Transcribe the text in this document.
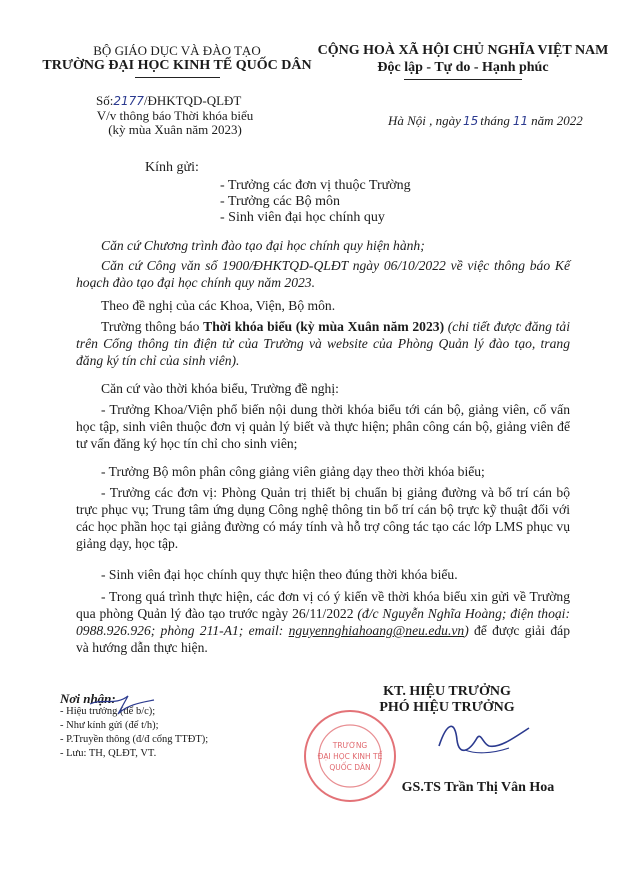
BỘ GIÁO DỤC VÀ ĐÀO TẠO
TRƯỜNG ĐẠI HỌC KINH TẾ QUỐC DÂN
Số:2177/ĐHKTQD-QLĐT
V/v thông báo Thời khóa biểu
(kỳ mùa Xuân năm 2023)
CỘNG HOÀ XÃ HỘI CHỦ NGHĨA VIỆT NAM
Độc lập - Tự do - Hạnh phúc
Hà Nội , ngày 15 tháng 11 năm 2022
Kính gửi:
- Trưởng các đơn vị thuộc Trường
- Trưởng các Bộ môn
- Sinh viên đại học chính quy
Căn cứ Chương trình đào tạo đại học chính quy hiện hành;
Căn cứ Công văn số 1900/ĐHKTQD-QLĐT ngày 06/10/2022 về việc thông báo Kế hoạch đào tạo đại học chính quy năm 2023.
Theo đề nghị của các Khoa, Viện, Bộ môn.
Trường thông báo Thời khóa biểu (kỳ mùa Xuân năm 2023) (chi tiết được đăng tải trên Cổng thông tin điện tử của Trường và website của Phòng Quản lý đào tạo, trang đăng ký tín chỉ của sinh viên).
Căn cứ vào thời khóa biểu, Trường đề nghị:
- Trưởng Khoa/Viện phổ biến nội dung thời khóa biểu tới cán bộ, giảng viên, cố vấn học tập, sinh viên thuộc đơn vị quản lý biết và thực hiện; phân công cán bộ, giảng viên để tư vấn đăng ký học tín chỉ cho sinh viên;
- Trưởng Bộ môn phân công giảng viên giảng dạy theo thời khóa biểu;
- Trưởng các đơn vị: Phòng Quản trị thiết bị chuẩn bị giảng đường và bố trí cán bộ trực phục vụ; Trung tâm ứng dụng Công nghệ thông tin bố trí cán bộ trực kỹ thuật đối với các học phần học tại giảng đường có máy tính và hỗ trợ công tác tạo các lớp LMS phục vụ giảng dạy, học tập.
- Sinh viên đại học chính quy thực hiện theo đúng thời khóa biểu.
- Trong quá trình thực hiện, các đơn vị có ý kiến về thời khóa biểu xin gửi về Trường qua phòng Quản lý đào tạo trước ngày 26/11/2022 (đ/c Nguyễn Nghĩa Hoàng; điện thoại: 0988.926.926; phòng 211-A1; email: nguyennghiahoang@neu.edu.vn) để được giải đáp và hướng dẫn thực hiện.
Nơi nhận:
- Hiệu trưởng (để b/c);
- Như kính gửi (để t/h);
- P.Truyền thông (đ/đ cổng TTĐT);
- Lưu: TH, QLĐT, VT.
KT. HIỆU TRƯỞNG
PHÓ HIỆU TRƯỞNG
TRƯỜNG
ĐẠI HỌC KINH TẾ
QUỐC DÂN
GS.TS Trần Thị Vân Hoa
